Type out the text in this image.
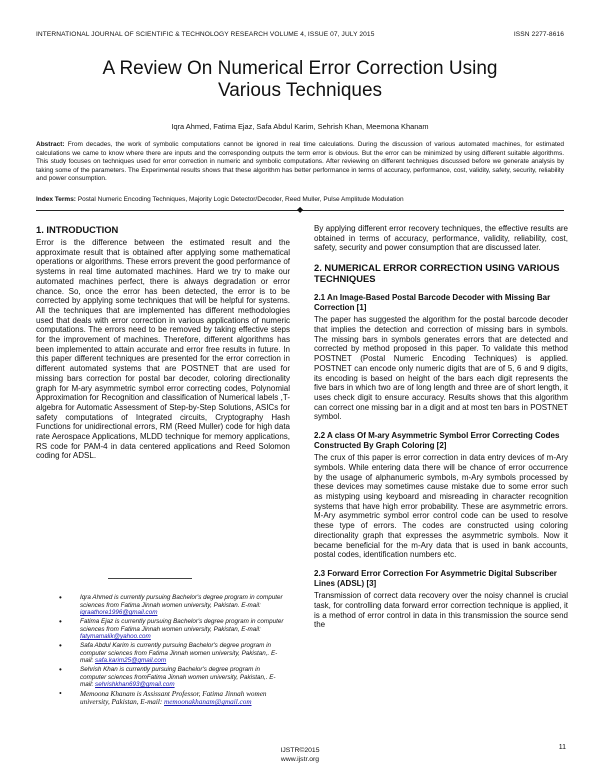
INTERNATIONAL JOURNAL OF SCIENTIFIC & TECHNOLOGY RESEARCH VOLUME 4, ISSUE 07, JULY 2015	ISSN 2277-8616
A Review On Numerical Error Correction Using
Various Techniques
Iqra Ahmed, Fatima Ejaz, Safa Abdul Karim, Sehrish Khan, Meemona Khanam
Abstract: From decades, the work of symbolic computations cannot be ignored in real time calculations. During the discussion of various automated machines, for estimated calculations we came to know where there are inputs and the corresponding outputs the term error is obvious. But the error can be minimized by using different suitable algorithms. This study focuses on techniques used for error correction in numeric and symbolic computations. After reviewing on different techniques discussed before we generate analysis by taking some of the parameters. The Experimental results shows that these algorithm has better performance in terms of accuracy, performance, cost, validity, safety, security, reliability and power consumption.
Index Terms: Postal Numeric Encoding Techniques, Majority Logic Detector/Decoder, Reed Muller, Pulse Amplitude Modulation
◆
1. INTRODUCTION
Error is the difference between the estimated result and the approximate result that is obtained after applying some mathematical operations or algorithms. These errors prevent the good performance of systems in real time automated machines. Hard we try to make our automated machines perfect, there is always degradation or error chance. So, once the error has been detected, the error is to be corrected by applying some techniques that will be helpful for systems. All the techniques that are implemented has different methodologies used that deals with error correction in various applications of numeric computations. The errors need to be removed by taking effective steps for the improvement of machines. Therefore, different algorithms has been implemented to attain accurate and error free results in future. In this paper different techniques are presented for the error correction in different automated systems that are POSTNET that are used for missing bars correction for postal bar decoder, coloring directionality graph for M-ary asymmetric symbol error correcting codes, Polynomial Approximation for Recognition and classification of Numerical labels ,T-algebra for Automatic Assessment of Step-by-Step Solutions, ASICs for safety computations of Integrated circuits, Cryptography Hash Functions for unidirectional errors, RM (Reed Muller) code for high data rate Aerospace Applications, MLDD technique for memory applications, RS code for PAM-4 in data centered applications and Reed Solomon coding for ADSL.
• Iqra Ahmed is currently pursuing Bachelor's degree program in computer sciences from Fatima Jinnah women university, Pakistan. E-mail: iqraathore1996@gmail.com
• Fatima Ejaz is currently pursuing Bachelor's degree program in computer sciences from Fatima Jinnah women university, Pakistan, E-mail: fatymamalik@yahoo.com
• Safa Abdul Karim is currently pursuing Bachelor's degree program in computer sciences from Fatima Jinnah women university, Pakistan,. E-mail: safa.karim25@gmail.com
• Sehrish Khan is currently pursuing Bachelor's degree program in computer sciences fromFatima Jinnah women university, Pakistan,. E-mail: sehrishkhan693@gmail.com
• Memoona Khanam is Assissant Professor, Fatima Jinnah women university, Pakistan, E-mail: memoonakhanam@gmail.com
By applying different error recovery techniques, the effective results are obtained in terms of accuracy, performance, validity, reliability, cost, safety, security and power consumption that are discussed later.
2. NUMERICAL ERROR CORRECTION USING VARIOUS TECHNIQUES
2.1 An Image-Based Postal Barcode Decoder with Missing Bar Correction [1]
The paper has suggested the algorithm for the postal barcode decoder that implies the detection and correction of missing bars in symbols. The missing bars in symbols generates errors that are detected and corrected by method proposed in this paper. To validate this method POSTNET (Postal Numeric Encoding Techniques) is applied. POSTNET can encode only numeric digits that are of 5, 6 and 9 digits, its encoding is based on height of the bars each digit represents the five bars in which two are of long length and three are of short length, it uses check digit to ensure accuracy. Results shows that this algorithm can correct one missing bar in a digit and at most ten bars in POSTNET symbol.
2.2 A class Of M-ary Asymmetric Symbol Error Correcting Codes Constructed By Graph Coloring [2]
The crux of this paper is error correction in data entry devices of m-Ary symbols. While entering data there will be chance of error occurrence by the usage of alphanumeric symbols, m-Ary symbols processed by these devices may sometimes cause mistake due to some error such as mistyping using keyboard and misreading in character recognition systems that have high error probability. These are asymmetric errors. M-Ary asymmetric symbol error control code can be used to resolve these type of errors. The codes are constructed using coloring directionality graph that expresses the asymmetric symbols. Now it became beneficial for the m-Ary data that is used in bank accounts, postal codes, identification numbers etc.
2.3 Forward Error Correction For Asymmetric Digital Subscriber Lines (ADSL) [3]
Transmission of correct data recovery over the noisy channel is crucial task, for controlling data forward error correction technique is applied, it is a method of error control in data in this transmission the source send the
11
IJSTR©2015
www.ijstr.org
